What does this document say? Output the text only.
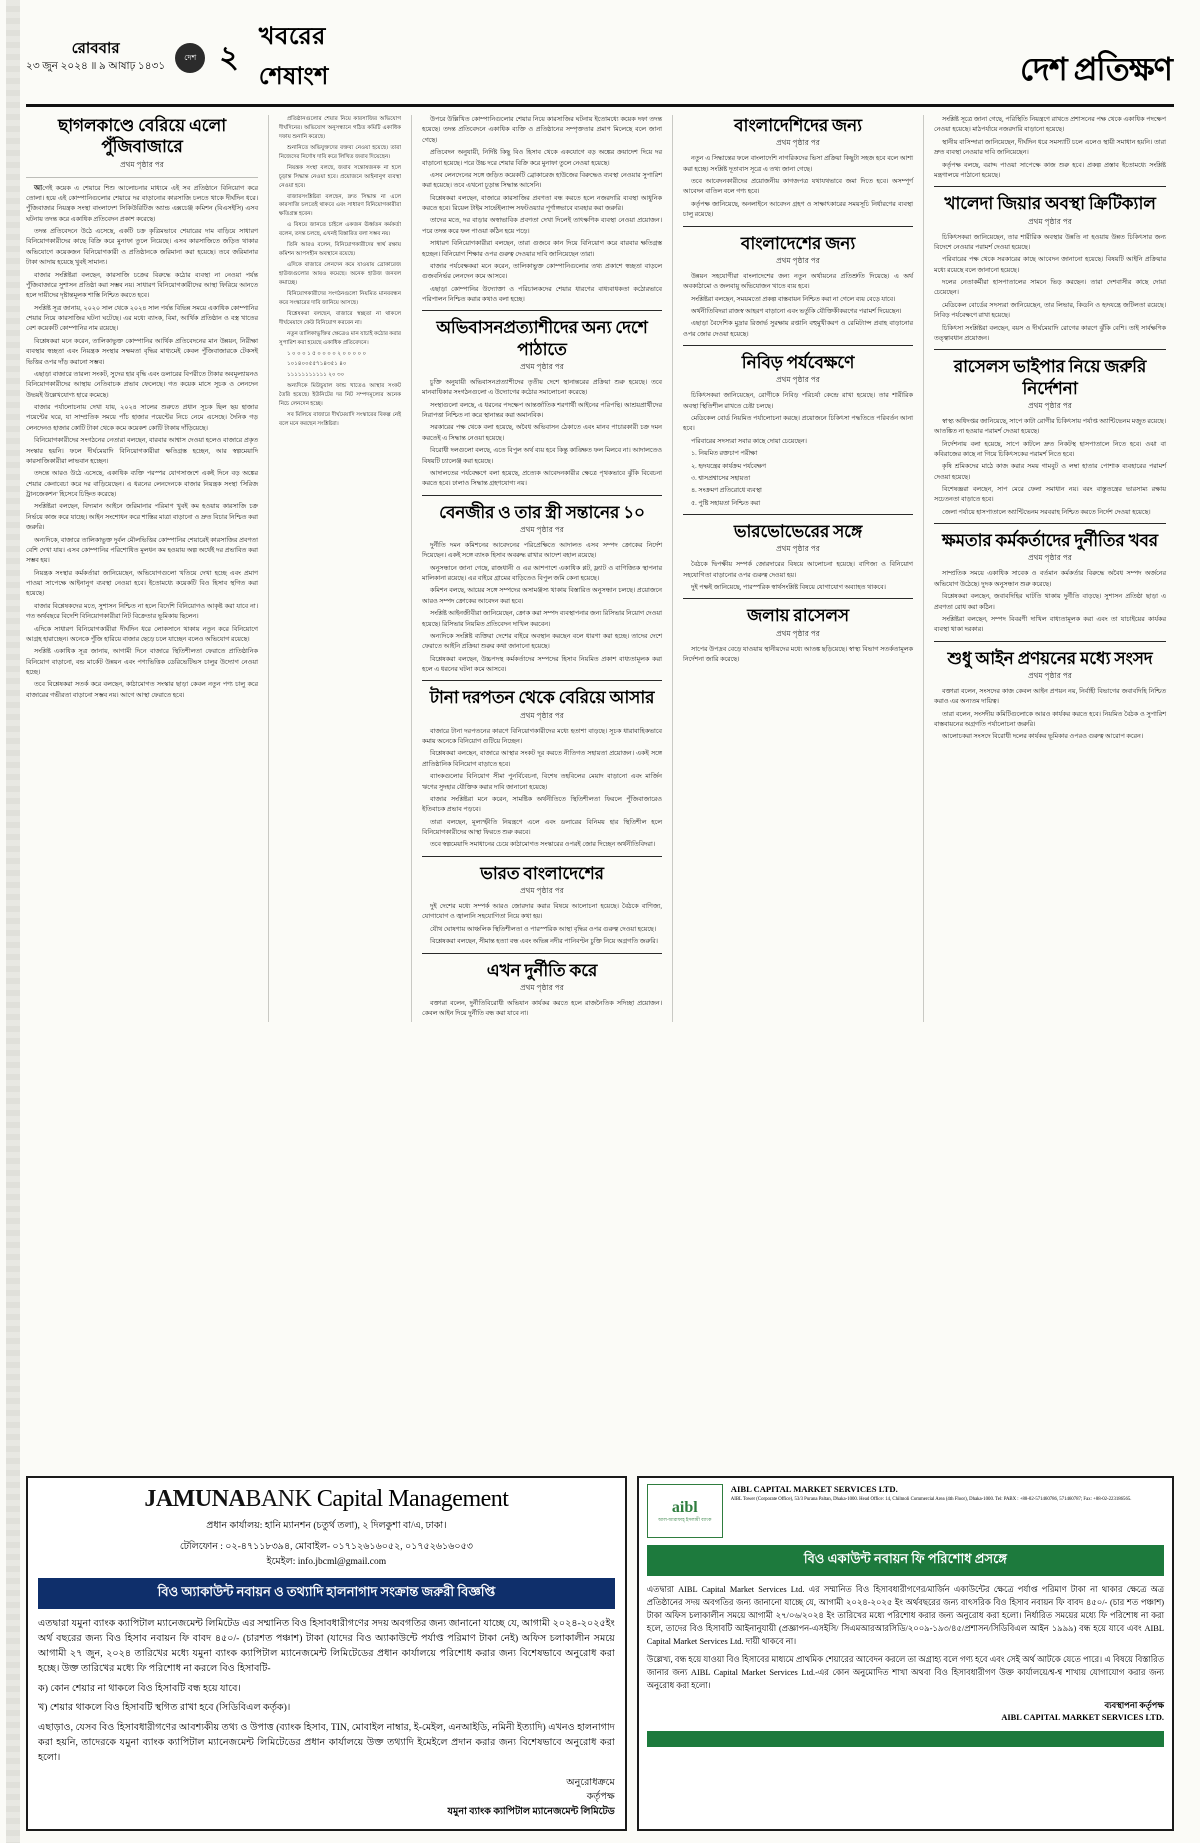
রোববার
২৩ জুন ২০২৪ ॥ ৯ আষাঢ় ১৪৩১
দেশ ২
খবরের শেষাংশ	দেশ প্রতিক্ষণ
ছাগলকাণ্ডে বেরিয়ে এলো পুঁজিবাজারে
প্রথম পৃষ্ঠার পর

আগেই কয়েক এ শেয়ারে শিশু আলোচনার মাধ্যমে এই সব প্রতিষ্ঠানে বিনিয়োগ করে তোলা। হয়ে এই কোম্পানিগুলোর শেয়ারে দর বাড়ানোর কারসাজি চলতে থাকে দীর্ঘদিন ধরে। পুঁজিবাজার নিয়ন্ত্রক সংস্থা বাংলাদেশ সিকিউরিটিজ অ্যান্ড এক্সচেঞ্জ কমিশন (বিএসইসি) এসব ঘটনায় তদন্ত করে একাধিক প্রতিবেদন প্রকাশ করেছে।

তদন্ত প্রতিবেদনে উঠে এসেছে, একটি চক্র কৃত্রিমভাবে শেয়ারের দাম বাড়িয়ে সাধারণ বিনিয়োগকারীদের কাছে বিক্রি করে মুনাফা তুলে নিয়েছে। এসব কারসাজিতে জড়িত থাকার অভিযোগে কয়েকজন বিনিয়োগকারী ও প্রতিষ্ঠানকে জরিমানা করা হয়েছে। তবে জরিমানার টাকা আদায় হয়েছে খুবই সামান্য।

বাজার সংশ্লিষ্টরা বলছেন, কারসাজি চক্রের বিরুদ্ধে কঠোর ব্যবস্থা না নেওয়া পর্যন্ত পুঁজিবাজারে সুশাসন প্রতিষ্ঠা করা সম্ভব নয়। সাধারণ বিনিয়োগকারীদের আস্থা ফিরিয়ে আনতে হলে দায়ীদের দৃষ্টান্তমূলক শাস্তি নিশ্চিত করতে হবে।

সংশ্লিষ্ট সূত্র জানায়, ২০২০ সাল থেকে ২০২৪ সাল পর্যন্ত বিভিন্ন সময়ে একাধিক কোম্পানির শেয়ার নিয়ে কারসাজির ঘটনা ঘটেছে। এর মধ্যে ব্যাংক, বিমা, আর্থিক প্রতিষ্ঠান ও বস্ত্র খাতের বেশ কয়েকটি কোম্পানির নাম রয়েছে।

বিশ্লেষকরা মনে করেন, তালিকাভুক্ত কোম্পানির আর্থিক প্রতিবেদনের মান উন্নয়ন, নিরীক্ষা ব্যবস্থার স্বচ্ছতা এবং নিয়ন্ত্রক সংস্থার সক্ষমতা বৃদ্ধির মাধ্যমেই কেবল পুঁজিবাজারকে টেকসই ভিত্তির ওপর দাঁড় করানো সম্ভব।

এছাড়া বাজারে তারল্য সংকট, সুদের হার বৃদ্ধি এবং ডলারের বিপরীতে টাকার অবমূল্যায়নও বিনিয়োগকারীদের আস্থায় নেতিবাচক প্রভাব ফেলেছে। গত কয়েক মাসে সূচক ও লেনদেন উভয়ই উল্লেখযোগ্য হারে কমেছে।

বাজার পর্যালোচনায় দেখা যায়, ২০২৪ সালের শুরুতে প্রধান সূচক ছিল ছয় হাজার পয়েন্টের ঘরে, যা সাম্প্রতিক সময়ে পাঁচ হাজার পয়েন্টের নিচে নেমে এসেছে। দৈনিক গড় লেনদেনও হাজার কোটি টাকা থেকে কমে কয়েকশ কোটি টাকায় দাঁড়িয়েছে।

বিনিয়োগকারীদের সংগঠনের নেতারা বলছেন, বারবার আশ্বাস দেওয়া হলেও বাজারে প্রকৃত সংস্কার হয়নি। ফলে দীর্ঘমেয়াদি বিনিয়োগকারীরা ক্ষতিগ্রস্ত হচ্ছেন, আর স্বল্পমেয়াদি কারসাজিকারীরা লাভবান হচ্ছেন।

তদন্তে আরও উঠে এসেছে, একাধিক ব্যক্তি পরস্পর যোগসাজশে একই দিনে বড় অঙ্কের শেয়ার কেনাবেচা করে দর বাড়িয়েছেন। এ ধরনের লেনদেনকে বাজার নিয়ন্ত্রক সংস্থা 'সিরিজ ট্রানজেকশন' হিসেবে চিহ্নিত করেছে।

সংশ্লিষ্টরা বলছেন, বিদ্যমান আইনে জরিমানার পরিমাণ খুবই কম হওয়ায় কারসাজি চক্র নির্ভয়ে কাজ করে যাচ্ছে। আইন সংশোধন করে শাস্তির মাত্রা বাড়ানো ও দ্রুত বিচার নিশ্চিত করা জরুরি।

অন্যদিকে, বাজারে তালিকাভুক্ত দুর্বল মৌলভিত্তির কোম্পানির শেয়ারেই কারসাজির প্রবণতা বেশি দেখা যায়। এসব কোম্পানির পরিশোধিত মূলধন কম হওয়ায় অল্প অর্থেই দর প্রভাবিত করা সম্ভব হয়।

নিয়ন্ত্রক সংস্থার কর্মকর্তারা জানিয়েছেন, অভিযোগগুলো খতিয়ে দেখা হচ্ছে এবং প্রমাণ পাওয়া সাপেক্ষে আইনানুগ ব্যবস্থা নেওয়া হবে। ইতোমধ্যে কয়েকটি বিও হিসাব স্থগিত করা হয়েছে।

বাজার বিশ্লেষকদের মতে, সুশাসন নিশ্চিত না হলে বিদেশি বিনিয়োগও আকৃষ্ট করা যাবে না। গত অর্থবছরে বিদেশি বিনিয়োগকারীরা নিট বিক্রেতার ভূমিকায় ছিলেন।

এদিকে সাধারণ বিনিয়োগকারীরা দীর্ঘদিন ধরে লোকসানে থাকায় নতুন করে বিনিয়োগে আগ্রহ হারাচ্ছেন। অনেকে পুঁজি হারিয়ে বাজার ছেড়ে চলে যাচ্ছেন বলেও অভিযোগ রয়েছে।

সংশ্লিষ্ট একাধিক সূত্র জানায়, আগামী দিনে বাজারে স্থিতিশীলতা ফেরাতে প্রাতিষ্ঠানিক বিনিয়োগ বাড়ানো, বন্ড মার্কেট উন্নয়ন এবং পণ্যভিত্তিক ডেরিভেটিভস চালুর উদ্যোগ নেওয়া হচ্ছে।

তবে বিশ্লেষকরা সতর্ক করে বলছেন, কাঠামোগত সংস্কার ছাড়া কেবল নতুন পণ্য চালু করে বাজারের গভীরতা বাড়ানো সম্ভব নয়। আগে আস্থা ফেরাতে হবে।

প্রতিষ্ঠানগুলোর শেয়ার নিয়ে কারসাজির অভিযোগ দীর্ঘদিনের। অভিযোগ অনুসন্ধানে গঠিত কমিটি একাধিক দফায় শুনানি করেছে।

শুনানিতে অভিযুক্তদের বক্তব্য নেওয়া হয়েছে। তারা নিজেদের নির্দোষ দাবি করে লিখিত জবাব দিয়েছেন।

নিয়ন্ত্রক সংস্থা বলছে, জবাব সন্তোষজনক না হলে চূড়ান্ত সিদ্ধান্ত নেওয়া হবে। প্রয়োজনে আইনানুগ ব্যবস্থা নেওয়া হবে।

বাজারসংশ্লিষ্টরা বলছেন, দ্রুত সিদ্ধান্ত না এলে কারসাজি চলতেই থাকবে এবং সাধারণ বিনিয়োগকারীরা ক্ষতিগ্রস্ত হবেন।

এ বিষয়ে জানতে চাইলে একজন ঊর্ধ্বতন কর্মকর্তা বলেন, তদন্ত চলছে, এখনই বিস্তারিত বলা সম্ভব নয়।

তিনি আরও বলেন, বিনিয়োগকারীদের স্বার্থ রক্ষায় কমিশন আপসহীন অবস্থানে রয়েছে।

এদিকে বাজারে লেনদেন কমে যাওয়ায় ব্রোকারেজ হাউজগুলোর আয়ও কমেছে। অনেক হাউজ জনবল কমাচ্ছে।

বিনিয়োগকারীদের সংগঠনগুলো নিয়মিত মানববন্ধন করে সংস্কারের দাবি জানিয়ে আসছে।

বিশ্লেষকরা বলছেন, বাজারে স্বচ্ছতা না থাকলে দীর্ঘমেয়াদে কেউ বিনিয়োগ করবেন না।

নতুন তালিকাভুক্তির ক্ষেত্রেও মান যাচাই কঠোর করার সুপারিশ করা হয়েছে একাধিক প্রতিবেদনে।

১ ০ ০ ০ ১ ৫ ০ ০ ০ ০ ২ ০ ০ ০ ০ ০

১০১৪০০৫৫৭১৪৩৫১ ৪০

১১১১১১১১১১১ ২০ ৩০

অন্যদিকে মিউচুয়াল ফান্ড খাতেও আস্থার সংকট তৈরি হয়েছে। ইউনিটের দর নিট সম্পদমূল্যের অনেক নিচে লেনদেন হচ্ছে।

সব মিলিয়ে বাজারে দীর্ঘমেয়াদি সংস্কারের বিকল্প নেই বলে মনে করছেন সংশ্লিষ্টরা।

উপরে উল্লিখিত কোম্পানিগুলোর শেয়ার নিয়ে কারসাজির ঘটনায় ইতোমধ্যে কয়েক দফা তদন্ত হয়েছে। তদন্ত প্রতিবেদনে একাধিক ব্যক্তি ও প্রতিষ্ঠানের সম্পৃক্ততার প্রমাণ মিলেছে বলে জানা গেছে।

প্রতিবেদন অনুযায়ী, নির্দিষ্ট কিছু বিও হিসাব থেকে একযোগে বড় অঙ্কের ক্রয়াদেশ দিয়ে দর বাড়ানো হয়েছে। পরে উচ্চ দরে শেয়ার বিক্রি করে মুনাফা তুলে নেওয়া হয়েছে।

এসব লেনদেনের সঙ্গে জড়িত কয়েকটি ব্রোকারেজ হাউজের বিরুদ্ধেও ব্যবস্থা নেওয়ার সুপারিশ করা হয়েছে। তবে এখনো চূড়ান্ত সিদ্ধান্ত আসেনি।

বিশ্লেষকরা বলছেন, বাজারে কারসাজির প্রবণতা বন্ধ করতে হলে নজরদারি ব্যবস্থা আধুনিক করতে হবে। রিয়েল টাইম সার্ভেইল্যান্স সফটওয়্যার পূর্ণাঙ্গভাবে ব্যবহার করা জরুরি।

তাদের মতে, দর বাড়ার অস্বাভাবিক প্রবণতা দেখা দিলেই তাৎক্ষণিক ব্যবস্থা নেওয়া প্রয়োজন। পরে তদন্ত করে ফল পাওয়া কঠিন হয়ে পড়ে।

সাধারণ বিনিয়োগকারীরা বলছেন, তারা গুজবে কান দিয়ে বিনিয়োগ করে বারবার ক্ষতিগ্রস্ত হচ্ছেন। বিনিয়োগ শিক্ষার ওপর গুরুত্ব দেওয়ার দাবি জানিয়েছেন তারা।

বাজার পর্যবেক্ষকরা মনে করেন, তালিকাভুক্ত কোম্পানিগুলোর তথ্য প্রকাশে স্বচ্ছতা বাড়লে গুজবনির্ভর লেনদেন কমে আসবে।

এছাড়া কোম্পানির উদ্যোক্তা ও পরিচালকদের শেয়ার ধারণের বাধ্যবাধকতা কঠোরভাবে পরিপালন নিশ্চিত করার কথাও বলা হচ্ছে।

অভিবাসনপ্রত্যাশীদের অন্য দেশে পাঠাতে
প্রথম পৃষ্ঠার পর

চুক্তি অনুযায়ী অভিবাসনপ্রত্যাশীদের তৃতীয় দেশে স্থানান্তরের প্রক্রিয়া শুরু হয়েছে। তবে মানবাধিকার সংগঠনগুলো এ উদ্যোগের কঠোর সমালোচনা করেছে।

সংস্থাগুলো বলছে, এ ধরনের পদক্ষেপ আন্তর্জাতিক শরণার্থী আইনের পরিপন্থি। আশ্রয়প্রার্থীদের নিরাপত্তা নিশ্চিত না করে স্থানান্তর করা অমানবিক।

সরকারের পক্ষ থেকে বলা হয়েছে, অবৈধ অভিবাসন ঠেকাতে এবং মানব পাচারকারী চক্র দমন করতেই এ সিদ্ধান্ত নেওয়া হয়েছে।

বিরোধী দলগুলো বলছে, এতে বিপুল অর্থ ব্যয় হবে কিন্তু কাঙ্ক্ষিত ফল মিলবে না। আদালতেও বিষয়টি চ্যালেঞ্জ করা হয়েছে।

আদালতের পর্যবেক্ষণে বলা হয়েছে, প্রত্যেক আবেদনকারীর ক্ষেত্রে পৃথকভাবে ঝুঁকি বিবেচনা করতে হবে। ঢালাও সিদ্ধান্ত গ্রহণযোগ্য নয়।

বেনজীর ও তার স্ত্রী সন্তানের ১০
প্রথম পৃষ্ঠার পর

দুর্নীতি দমন কমিশনের আবেদনের পরিপ্রেক্ষিতে আদালত এসব সম্পদ ক্রোকের নির্দেশ দিয়েছেন। একই সঙ্গে ব্যাংক হিসাব অবরুদ্ধ রাখার আদেশ বহাল রয়েছে।

অনুসন্ধানে জানা গেছে, রাজধানী ও এর আশপাশে একাধিক প্লট, ফ্ল্যাট ও বাণিজ্যিক স্থাপনার মালিকানা রয়েছে। এর বাইরে গ্রামের বাড়িতেও বিপুল জমি কেনা হয়েছে।

কমিশন বলছে, আয়ের সঙ্গে সম্পদের অসামঞ্জস্য থাকায় বিস্তারিত অনুসন্ধান চলছে। প্রয়োজনে আরও সম্পদ ক্রোকের আবেদন করা হবে।

সংশ্লিষ্ট আইনজীবীরা জানিয়েছেন, ক্রোক করা সম্পদ ব্যবস্থাপনার জন্য রিসিভার নিয়োগ দেওয়া হয়েছে। রিসিভার নিয়মিত প্রতিবেদন দাখিল করবেন।

অন্যদিকে সংশ্লিষ্ট ব্যক্তিরা দেশের বাইরে অবস্থান করছেন বলে ধারণা করা হচ্ছে। তাদের দেশে ফেরাতে আইনি প্রক্রিয়া শুরুর কথা জানানো হয়েছে।

বিশ্লেষকরা বলছেন, উচ্চপদস্থ কর্মকর্তাদের সম্পদের হিসাব নিয়মিত প্রকাশ বাধ্যতামূলক করা হলে এ ধরনের ঘটনা কমে আসবে।

টানা দরপতন থেকে বেরিয়ে আসার
প্রথম পৃষ্ঠার পর

বাজারে টানা দরপতনের কারণে বিনিয়োগকারীদের মধ্যে হতাশা বাড়ছে। সূচক ধারাবাহিকভাবে কমায় অনেকে বিনিয়োগ গুটিয়ে নিচ্ছেন।

বিশ্লেষকরা বলছেন, বাজারে আস্থার সংকট দূর করতে নীতিগত সহায়তা প্রয়োজন। একই সঙ্গে প্রাতিষ্ঠানিক বিনিয়োগ বাড়াতে হবে।

ব্যাংকগুলোর বিনিয়োগ সীমা পুনর্বিবেচনা, বিশেষ তহবিলের মেয়াদ বাড়ানো এবং মার্জিন ঋণের সুদহার যৌক্তিক করার দাবি জানানো হয়েছে।

বাজার সংশ্লিষ্টরা মনে করেন, সামষ্টিক অর্থনীতিতে স্থিতিশীলতা ফিরলে পুঁজিবাজারেও ইতিবাচক প্রভাব পড়বে।

তারা বলছেন, মূল্যস্ফীতি নিয়ন্ত্রণে এলে এবং ডলারের বিনিময় হার স্থিতিশীল হলে বিনিয়োগকারীদের আস্থা ফিরতে শুরু করবে।

তবে স্বল্পমেয়াদি সমাধানের চেয়ে কাঠামোগত সংস্কারের ওপরই জোর দিচ্ছেন অর্থনীতিবিদরা।

ভারত বাংলাদেশের
প্রথম পৃষ্ঠার পর

দুই দেশের মধ্যে সম্পর্ক আরও জোরদার করার বিষয়ে আলোচনা হয়েছে। বৈঠকে বাণিজ্য, যোগাযোগ ও জ্বালানি সহযোগিতা নিয়ে কথা হয়।

যৌথ ঘোষণায় আঞ্চলিক স্থিতিশীলতা ও পারস্পরিক আস্থা বৃদ্ধির ওপর গুরুত্ব দেওয়া হয়েছে।

বিশ্লেষকরা বলছেন, সীমান্ত হত্যা বন্ধ এবং অভিন্ন নদীর পানিবণ্টন চুক্তি নিয়ে অগ্রগতি জরুরি।

এখন দুর্নীতি করে
প্রথম পৃষ্ঠার পর

বক্তারা বলেন, দুর্নীতিবিরোধী অভিযান কার্যকর করতে হলে রাজনৈতিক সদিচ্ছা প্রয়োজন। কেবল আইন দিয়ে দুর্নীতি বন্ধ করা যাবে না।

বাংলাদেশিদের জন্য
প্রথম পৃষ্ঠার পর

নতুন এ সিদ্ধান্তের ফলে বাংলাদেশি নাগরিকদের ভিসা প্রক্রিয়া কিছুটা সহজ হবে বলে আশা করা হচ্ছে। সংশ্লিষ্ট দূতাবাস সূত্রে এ তথ্য জানা গেছে।

তবে আবেদনকারীদের প্রয়োজনীয় কাগজপত্র যথাযথভাবে জমা দিতে হবে। অসম্পূর্ণ আবেদন বাতিল বলে গণ্য হবে।

কর্তৃপক্ষ জানিয়েছে, অনলাইনে আবেদন গ্রহণ ও সাক্ষাৎকারের সময়সূচি নির্ধারণের ব্যবস্থা চালু রয়েছে।

বাংলাদেশের জন্য
প্রথম পৃষ্ঠার পর

উন্নয়ন সহযোগীরা বাংলাদেশের জন্য নতুন অর্থায়নের প্রতিশ্রুতি দিয়েছে। এ অর্থ অবকাঠামো ও জলবায়ু অভিযোজন খাতে ব্যয় হবে।

সংশ্লিষ্টরা বলছেন, সময়মতো প্রকল্প বাস্তবায়ন নিশ্চিত করা না গেলে ব্যয় বেড়ে যাবে।

অর্থনীতিবিদরা রাজস্ব আহরণ বাড়ানো এবং ভর্তুকি যৌক্তিকীকরণের পরামর্শ দিয়েছেন।

এছাড়া বৈদেশিক মুদ্রার রিজার্ভ সুরক্ষায় রপ্তানি বহুমুখীকরণ ও রেমিট্যান্স প্রবাহ বাড়ানোর ওপর জোর দেওয়া হয়েছে।

নিবিড় পর্যবেক্ষণে
প্রথম পৃষ্ঠার পর

চিকিৎসকরা জানিয়েছেন, রোগীকে নিবিড় পরিচর্যা কেন্দ্রে রাখা হয়েছে। তার শারীরিক অবস্থা স্থিতিশীল রাখতে চেষ্টা চলছে।

মেডিকেল বোর্ড নিয়মিত পর্যালোচনা করছে। প্রয়োজনে চিকিৎসা পদ্ধতিতে পরিবর্তন আনা হবে।

পরিবারের সদস্যরা সবার কাছে দোয়া চেয়েছেন।

১. নিয়মিত রক্তচাপ পরীক্ষা

২. হৃদযন্ত্রের কার্যক্রম পর্যবেক্ষণ

৩. শ্বাসপ্রশ্বাসের সহায়তা

৪. সংক্রমণ প্রতিরোধে ব্যবস্থা

৫. পুষ্টি সহায়তা নিশ্চিত করা

ভারভোভেরের সঙ্গে
প্রথম পৃষ্ঠার পর

বৈঠকে দ্বিপক্ষীয় সম্পর্ক জোরদারের বিষয়ে আলোচনা হয়েছে। বাণিজ্য ও বিনিয়োগ সহযোগিতা বাড়ানোর ওপর গুরুত্ব দেওয়া হয়।

দুই পক্ষই জানিয়েছে, পারস্পরিক স্বার্থসংশ্লিষ্ট বিষয়ে যোগাযোগ অব্যাহত থাকবে।

জলায় রাসেলস
প্রথম পৃষ্ঠার পর

সাপের উপদ্রব বেড়ে যাওয়ায় স্থানীয়দের মধ্যে আতঙ্ক ছড়িয়েছে। স্বাস্থ্য বিভাগ সতর্কতামূলক নির্দেশনা জারি করেছে।

সংশ্লিষ্ট সূত্রে জানা গেছে, পরিস্থিতি নিয়ন্ত্রণে রাখতে প্রশাসনের পক্ষ থেকে একাধিক পদক্ষেপ নেওয়া হয়েছে। মাঠপর্যায়ে নজরদারি বাড়ানো হয়েছে।

স্থানীয় বাসিন্দারা জানিয়েছেন, দীর্ঘদিন ধরে সমস্যাটি চলে এলেও স্থায়ী সমাধান হয়নি। তারা দ্রুত ব্যবস্থা নেওয়ার দাবি জানিয়েছেন।

কর্তৃপক্ষ বলছে, বরাদ্দ পাওয়া সাপেক্ষে কাজ শুরু হবে। প্রকল্প প্রস্তাব ইতোমধ্যে সংশ্লিষ্ট মন্ত্রণালয়ে পাঠানো হয়েছে।

খালেদা জিয়ার অবস্থা ক্রিটিক্যাল
প্রথম পৃষ্ঠার পর

চিকিৎসকরা জানিয়েছেন, তার শারীরিক অবস্থার উন্নতি না হওয়ায় উন্নত চিকিৎসার জন্য বিদেশে নেওয়ার পরামর্শ দেওয়া হয়েছে।

পরিবারের পক্ষ থেকে সরকারের কাছে আবেদন জানানো হয়েছে। বিষয়টি আইনি প্রক্রিয়ার মধ্যে রয়েছে বলে জানানো হয়েছে।

দলের নেতাকর্মীরা হাসপাতালের সামনে ভিড় করছেন। তারা দেশবাসীর কাছে দোয়া চেয়েছেন।

মেডিকেল বোর্ডের সদস্যরা জানিয়েছেন, তার লিভার, কিডনি ও হৃদযন্ত্রে জটিলতা রয়েছে। নিবিড় পর্যবেক্ষণে রাখা হয়েছে।

চিকিৎসা সংশ্লিষ্টরা বলছেন, বয়স ও দীর্ঘমেয়াদি রোগের কারণে ঝুঁকি বেশি। তাই সার্বক্ষণিক তত্ত্বাবধান প্রয়োজন।

রাসেলস ভাইপার নিয়ে জরুরি নির্দেশনা
প্রথম পৃষ্ঠার পর

স্বাস্থ্য অধিদপ্তর জানিয়েছে, সাপে কাটা রোগীর চিকিৎসায় পর্যাপ্ত অ্যান্টিভেনম মজুত রয়েছে। আতঙ্কিত না হওয়ার পরামর্শ দেওয়া হয়েছে।

নির্দেশনায় বলা হয়েছে, সাপে কাটলে দ্রুত নিকটস্থ হাসপাতালে নিতে হবে। ওঝা বা কবিরাজের কাছে না গিয়ে চিকিৎসকের পরামর্শ নিতে হবে।

কৃষি শ্রমিকদের মাঠে কাজ করার সময় গামবুট ও লম্বা হাতার পোশাক ব্যবহারের পরামর্শ দেওয়া হয়েছে।

বিশেষজ্ঞরা বলছেন, সাপ মেরে ফেলা সমাধান নয়। বরং বাস্তুতন্ত্রের ভারসাম্য রক্ষায় সচেতনতা বাড়াতে হবে।

জেলা পর্যায়ে হাসপাতালে অ্যান্টিভেনম সরবরাহ নিশ্চিত করতে নির্দেশ দেওয়া হয়েছে।

ক্ষমতার কর্মকর্তাদের দুর্নীতির খবর
প্রথম পৃষ্ঠার পর

সাম্প্রতিক সময়ে একাধিক সাবেক ও বর্তমান কর্মকর্তার বিরুদ্ধে অবৈধ সম্পদ অর্জনের অভিযোগ উঠেছে। দুদক অনুসন্ধান শুরু করেছে।

বিশ্লেষকরা বলছেন, জবাবদিহির ঘাটতি থাকায় দুর্নীতি বাড়ছে। সুশাসন প্রতিষ্ঠা ছাড়া এ প্রবণতা রোধ করা কঠিন।

সংশ্লিষ্টরা বলছেন, সম্পদ বিবরণী দাখিল বাধ্যতামূলক করা এবং তা যাচাইয়ের কার্যকর ব্যবস্থা থাকা দরকার।

শুধু আইন প্রণয়নের মধ্যে সংসদ
প্রথম পৃষ্ঠার পর

বক্তারা বলেন, সংসদের কাজ কেবল আইন প্রণয়ন নয়, নির্বাহী বিভাগের জবাবদিহি নিশ্চিত করাও এর অন্যতম দায়িত্ব।

তারা বলেন, সংসদীয় কমিটিগুলোকে আরও কার্যকর করতে হবে। নিয়মিত বৈঠক ও সুপারিশ বাস্তবায়নের অগ্রগতি পর্যালোচনা জরুরি।

আলোচকরা সংসদে বিরোধী দলের কার্যকর ভূমিকার ওপরও গুরুত্ব আরোপ করেন।

JAMUNABANK Capital Management
প্রধান কার্যালয়: হানি ম্যানশন (চতুর্থ তলা), ২ দিলকুশা বা/এ, ঢাকা।
টেলিফোন : ০২-৪৭১১৮৩৯৪, মোবাইল- ০১৭১২৬১৬০৫২, ০১৭৫২৬১৬০৫৩
ইমেইল: info.jbcml@gmail.com
বিও অ্যাকাউন্ট নবায়ন ও তথ্যাদি হালনাগাদ সংক্রান্ত জরুরী বিজ্ঞপ্তি

এতদ্বারা যমুনা ব্যাংক ক্যাপিটাল ম্যানেজমেন্ট লিমিটেড এর সম্মানিত বিও হিসাবধারীগণের সদয় অবগতির জন্য জানানো যাচ্ছে যে, আগামী ২০২৪-২০২৫ইং অর্থ বছরের জন্য বিও হিসাব নবায়ন ফি বাবদ ৪৫০/- (চারশত পঞ্চাশ) টাকা (যাদের বিও অ্যাকাউন্টে পর্যাপ্ত পরিমাণ টাকা নেই) অফিস চলাকালীন সময়ে আগামী ২৭ জুন, ২০২৪ তারিখের মধ্যে যমুনা ব্যাংক ক্যাপিটাল ম্যানেজমেন্ট লিমিটেডের প্রধান কার্যালয়ে পরিশোধ করার জন্য বিশেষভাবে অনুরোধ করা হচ্ছে। উক্ত তারিখের মধ্যে ফি পরিশোধ না করলে বিও হিসাবটি-

ক) কোন শেয়ার না থাকলে বিও হিসাবটি বন্ধ হয়ে যাবে।

খ) শেয়ার থাকলে বিও হিসাবটি স্থগিত রাখা হবে (সিডিবিএল কর্তৃক)।

এছাড়াও, যেসব বিও হিসাবধারীগণের আবশ্যকীয় তথ্য ও উপাত্ত (ব্যাংক হিসাব, TIN, মোবাইল নাম্বার, ই-মেইল, এনআইডি, নমিনী ইত্যাদি) এখনও হালনাগাদ করা হয়নি, তাদেরকে যমুনা ব্যাংক ক্যাপিটাল ম্যানেজমেন্ট লিমিটেডের প্রধান কার্যালয়ে উক্ত তথ্যাদি ইমেইলে প্রদান করার জন্য বিশেষভাবে অনুরোধ করা হলো।

অনুরোধক্রমে
কর্তৃপক্ষ
যমুনা ব্যাংক ক্যাপিটাল ম্যানেজমেন্ট লিমিটেড
aibl
আল-আরাফাহ্‌ ইসলামী ব্যাংক
AIBL CAPITAL MARKET SERVICES LTD.
AIBL Tower (Corporate Office), 53/3 Purana Paltan, Dhaka-1000. Head Office: 14, Chilmoli Commercial Area (4th Floor), Dhaka-1000. Tel: PABX : +88-02-571460786, 571460787; Fax: +88-02-223186565.
বিও একাউন্ট নবায়ন ফি পরিশোধ প্রসঙ্গে

এতদ্বারা AIBL Capital Market Services Ltd. এর সম্মানিত বিও হিসাবধারীগণের/মার্জিন একাউন্টের ক্ষেত্রে পর্যাপ্ত পরিমাণ টাকা না থাকার ক্ষেত্রে অত্র প্রতিষ্ঠানের সদয় অবগতির জন্য জানানো যাচ্ছে যে, আগামী ২০২৪-২০২৫ ইং অর্থবছরের জন্য বাৎসরিক বিও হিসাব নবায়ন ফি বাবদ ৪৫০/- (চার শত পঞ্চাশ) টাকা অফিস চলাকালীন সময়ে আগামী ২৭/০৬/২০২৪ ইং তারিখের মধ্যে পরিশোধ করার জন্য অনুরোধ করা হলো। নির্ধারিত সময়ের মধ্যে ফি পরিশোধ না করা হলে, তাদের বিও হিসাবটি আইনানুযায়ী (প্রজ্ঞাপন-এসইসি/ সিএমআরআরসিডি/২০০৯-১৯৩/৪৫/প্রশাসন/সিডিবিএল আইন ১৯৯৯) বন্ধ হয়ে যাবে এবং AIBL Capital Market Services Ltd. দায়ী থাকবে না।

উল্লেখ্য, বন্ধ হয়ে যাওয়া বিও হিসাবের মাধ্যমে প্রাথমিক শেয়ারের আবেদন করলে তা অগ্রাহ্য বলে গণ্য হবে এবং সেই অর্থ আটকে যেতে পারে। এ বিষয়ে বিস্তারিত জানার জন্য AIBL Capital Market Services Ltd.-এর কোন অনুমোদিত শাখা অথবা বিও হিসাবধারীগণ উক্ত কার্যালয়ে/শ্ব-শ্ব শাখায় যোগাযোগ করার জন্য অনুরোধ করা হলো।

ব্যবস্থাপনা কর্তৃপক্ষ
AIBL CAPITAL MARKET SERVICES LTD.
